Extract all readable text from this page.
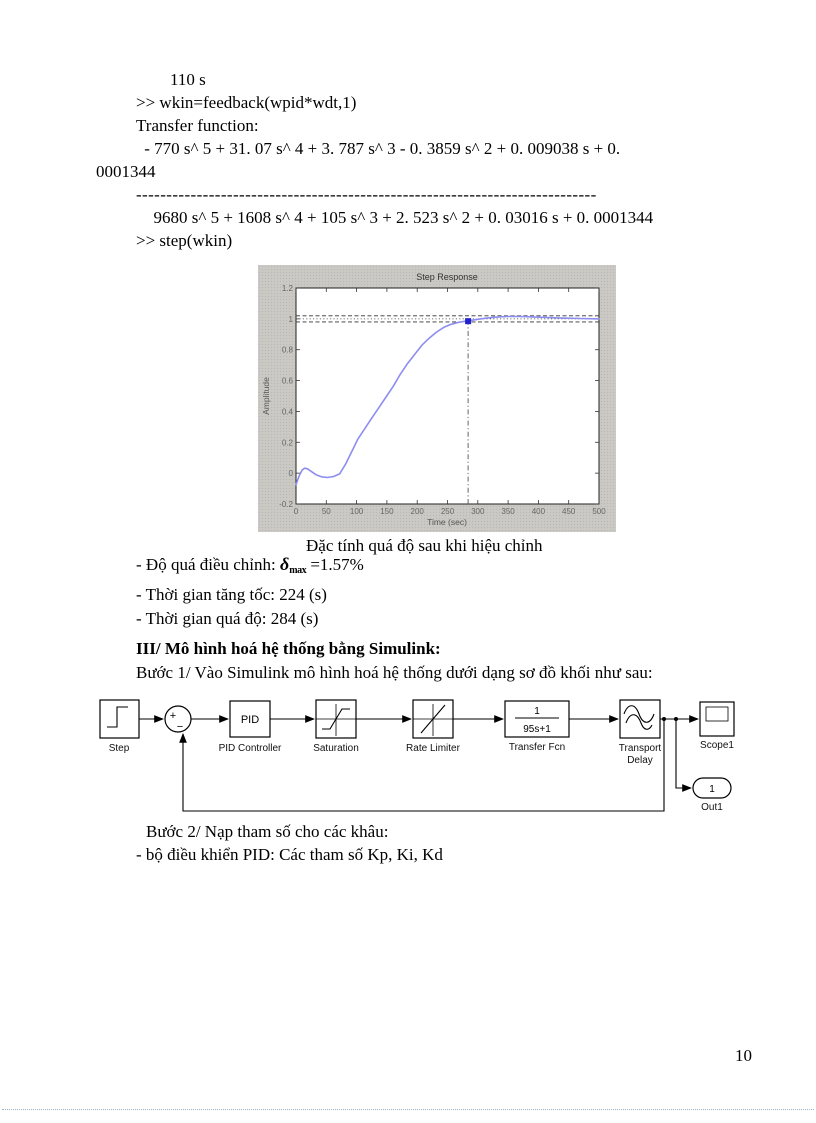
110 s
>> wkin=feedback(wpid*wdt,1)
Transfer function:
- 770 s^ 5 + 31. 07 s^ 4 + 3. 787 s^ 3 - 0. 3859 s^ 2 + 0. 009038 s + 0.
0001344
----------------------------------------------------------------------------
9680 s^ 5 + 1608 s^ 4 + 105 s^ 3 + 2. 523 s^ 2 + 0. 03016 s + 0. 0001344
>> step(wkin)
0	50 100 150 200 250 300 350 400 450 500
-0.2
0
0.2
0.4
0.6
0.8
1
1.2
Step Response
Time (sec)
Amplitude
Đặc tính quá độ sau khi hiệu chỉnh
- Độ quá điều chỉnh: δmax =1.57%
- Thời gian tăng tốc: 224 (s)
- Thời gian quá độ: 284 (s)
III/ Mô hình hoá hệ thống bằng Simulink:
Bước 1/ Vào Simulink mô hình hoá hệ thống dưới dạng sơ đồ khối như sau:
Step
+
−
PID
PID Controller	Saturation	Rate Limiter
1
95s+1
Transfer Fcn	Transport
Delay
Scope1
1
Out1
Bước 2/ Nạp tham số cho các khâu:
- bộ điều khiển PID: Các tham số Kp, Ki, Kd
10
